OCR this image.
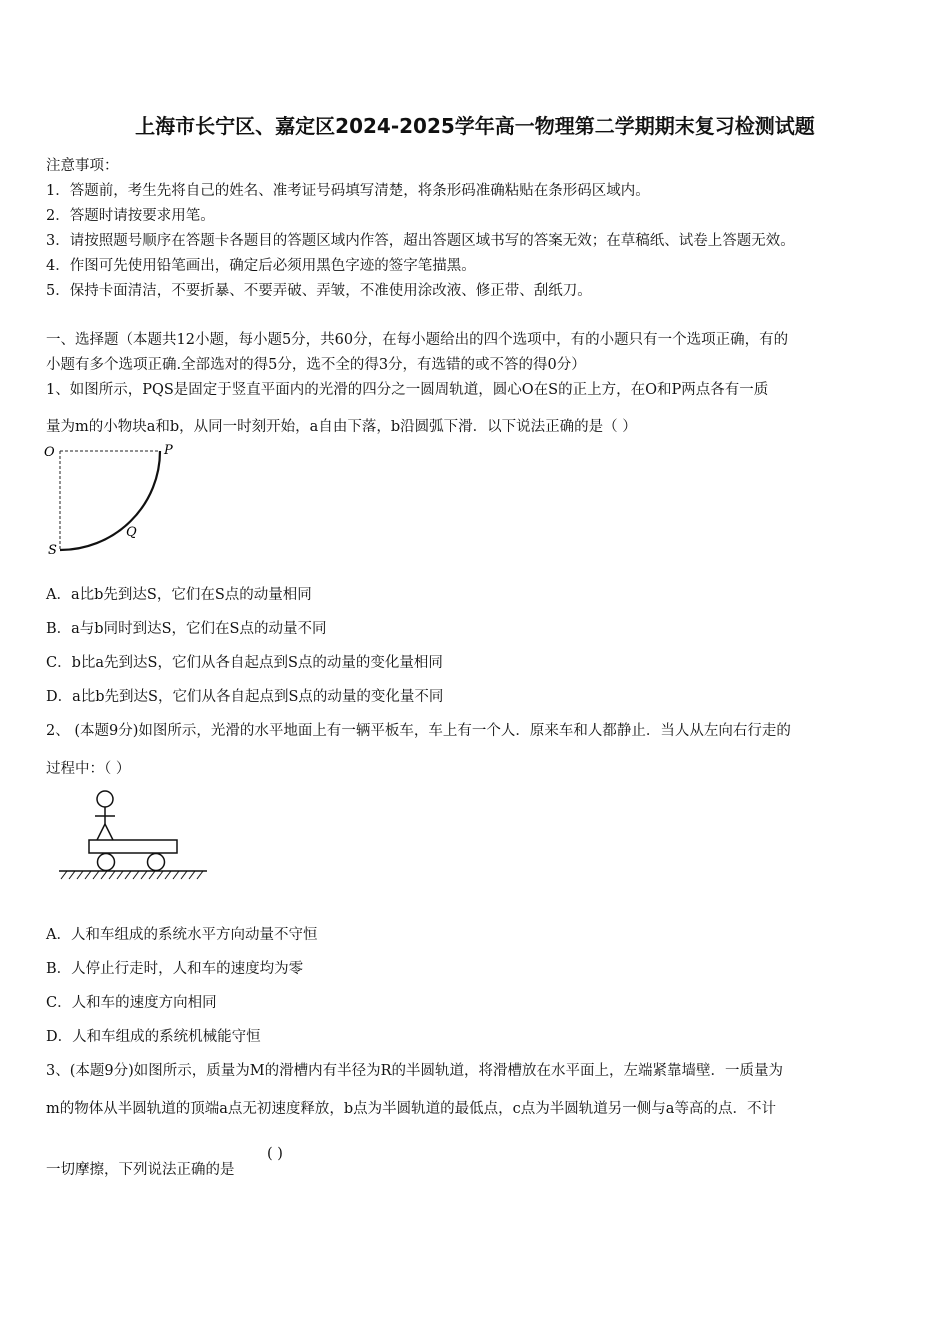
上海市长宁区、嘉定区2024-2025学年高一物理第二学期期末复习检测试题
注意事项：
1．答题前，考生先将自己的姓名、准考证号码填写清楚，将条形码准确粘贴在条形码区域内。
2．答题时请按要求用笔。
3．请按照题号顺序在答题卡各题目的答题区域内作答，超出答题区域书写的答案无效；在草稿纸、试卷上答题无效。
4．作图可先使用铅笔画出，确定后必须用黑色字迹的签字笔描黑。
5．保持卡面清洁，不要折暴、不要弄破、弄皱，不准使用涂改液、修正带、刮纸刀。
一、选择题（本题共12小题，每小题5分，共60分，在每小题给出的四个选项中，有的小题只有一个选项正确，有的
小题有多个选项正确.全部选对的得5分，选不全的得3分，有选错的或不答的得0分）
1、如图所示，PQS是固定于竖直平面内的光滑的四分之一圆周轨道，圆心O在S的正上方，在O和P两点各有一质
量为m的小物块a和b，从同一时刻开始，a自由下落，b沿圆弧下滑．以下说法正确的是（ ）
O	P
Q
S
A．a比b先到达S，它们在S点的动量相同
B．a与b同时到达S，它们在S点的动量不同
C．b比a先到达S，它们从各自起点到S点的动量的变化量相同
D．a比b先到达S，它们从各自起点到S点的动量的变化量不同
2、 (本题9分)如图所示，光滑的水平地面上有一辆平板车，车上有一个人．原来车和人都静止．当人从左向右行走的
过程中：（ ）
A．人和车组成的系统水平方向动量不守恒
B．人停止行走时，人和车的速度均为零
C．人和车的速度方向相同
D．人和车组成的系统机械能守恒
3、(本题9分)如图所示，质量为M的滑槽内有半径为R的半圆轨道，将滑槽放在水平面上，左端紧靠墙壁．一质量为
m的物体从半圆轨道的顶端a点无初速度释放，b点为半圆轨道的最低点，c点为半圆轨道另一侧与a等高的点．不计
一切摩擦，下列说法正确的是
( )
